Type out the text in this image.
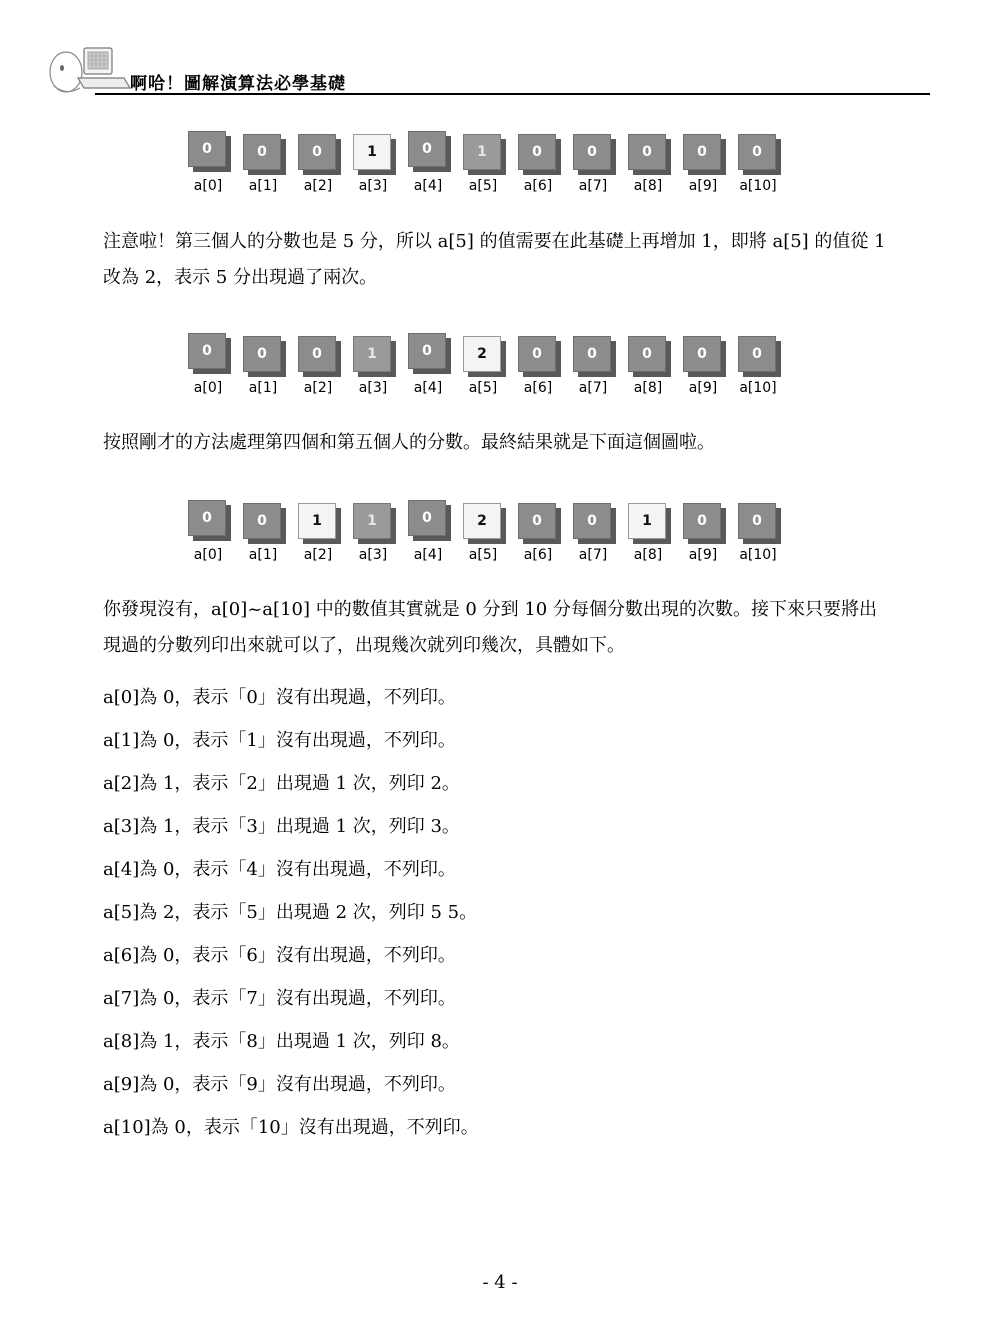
啊哈！圖解演算法必學基礎
0
a[0]
0
a[1]
0
a[2]
1
a[3]
0
a[4]
1
a[5]
0
a[6]
0
a[7]
0
a[8]
0
a[9]
0
a[10]
注意啦！第三個人的分數也是 5 分，所以 a[5] 的值需要在此基礎上再增加 1，即將 a[5] 的值從 1 改為 2，表示 5 分出現過了兩次。
0
a[0]
0
a[1]
0
a[2]
1
a[3]
0
a[4]
2
a[5]
0
a[6]
0
a[7]
0
a[8]
0
a[9]
0
a[10]
按照剛才的方法處理第四個和第五個人的分數。最終結果就是下面這個圖啦。
0
a[0]
0
a[1]
1
a[2]
1
a[3]
0
a[4]
2
a[5]
0
a[6]
0
a[7]
1
a[8]
0
a[9]
0
a[10]
你發現沒有，a[0]~a[10] 中的數值其實就是 0 分到 10 分每個分數出現的次數。接下來只要將出現過的分數列印出來就可以了，出現幾次就列印幾次，具體如下。
a[0]為 0，表示「0」沒有出現過，不列印。
a[1]為 0，表示「1」沒有出現過，不列印。
a[2]為 1，表示「2」出現過 1 次，列印 2。
a[3]為 1，表示「3」出現過 1 次，列印 3。
a[4]為 0，表示「4」沒有出現過，不列印。
a[5]為 2，表示「5」出現過 2 次，列印 5 5。
a[6]為 0，表示「6」沒有出現過，不列印。
a[7]為 0，表示「7」沒有出現過，不列印。
a[8]為 1，表示「8」出現過 1 次，列印 8。
a[9]為 0，表示「9」沒有出現過，不列印。
a[10]為 0，表示「10」沒有出現過，不列印。
- 4 -
